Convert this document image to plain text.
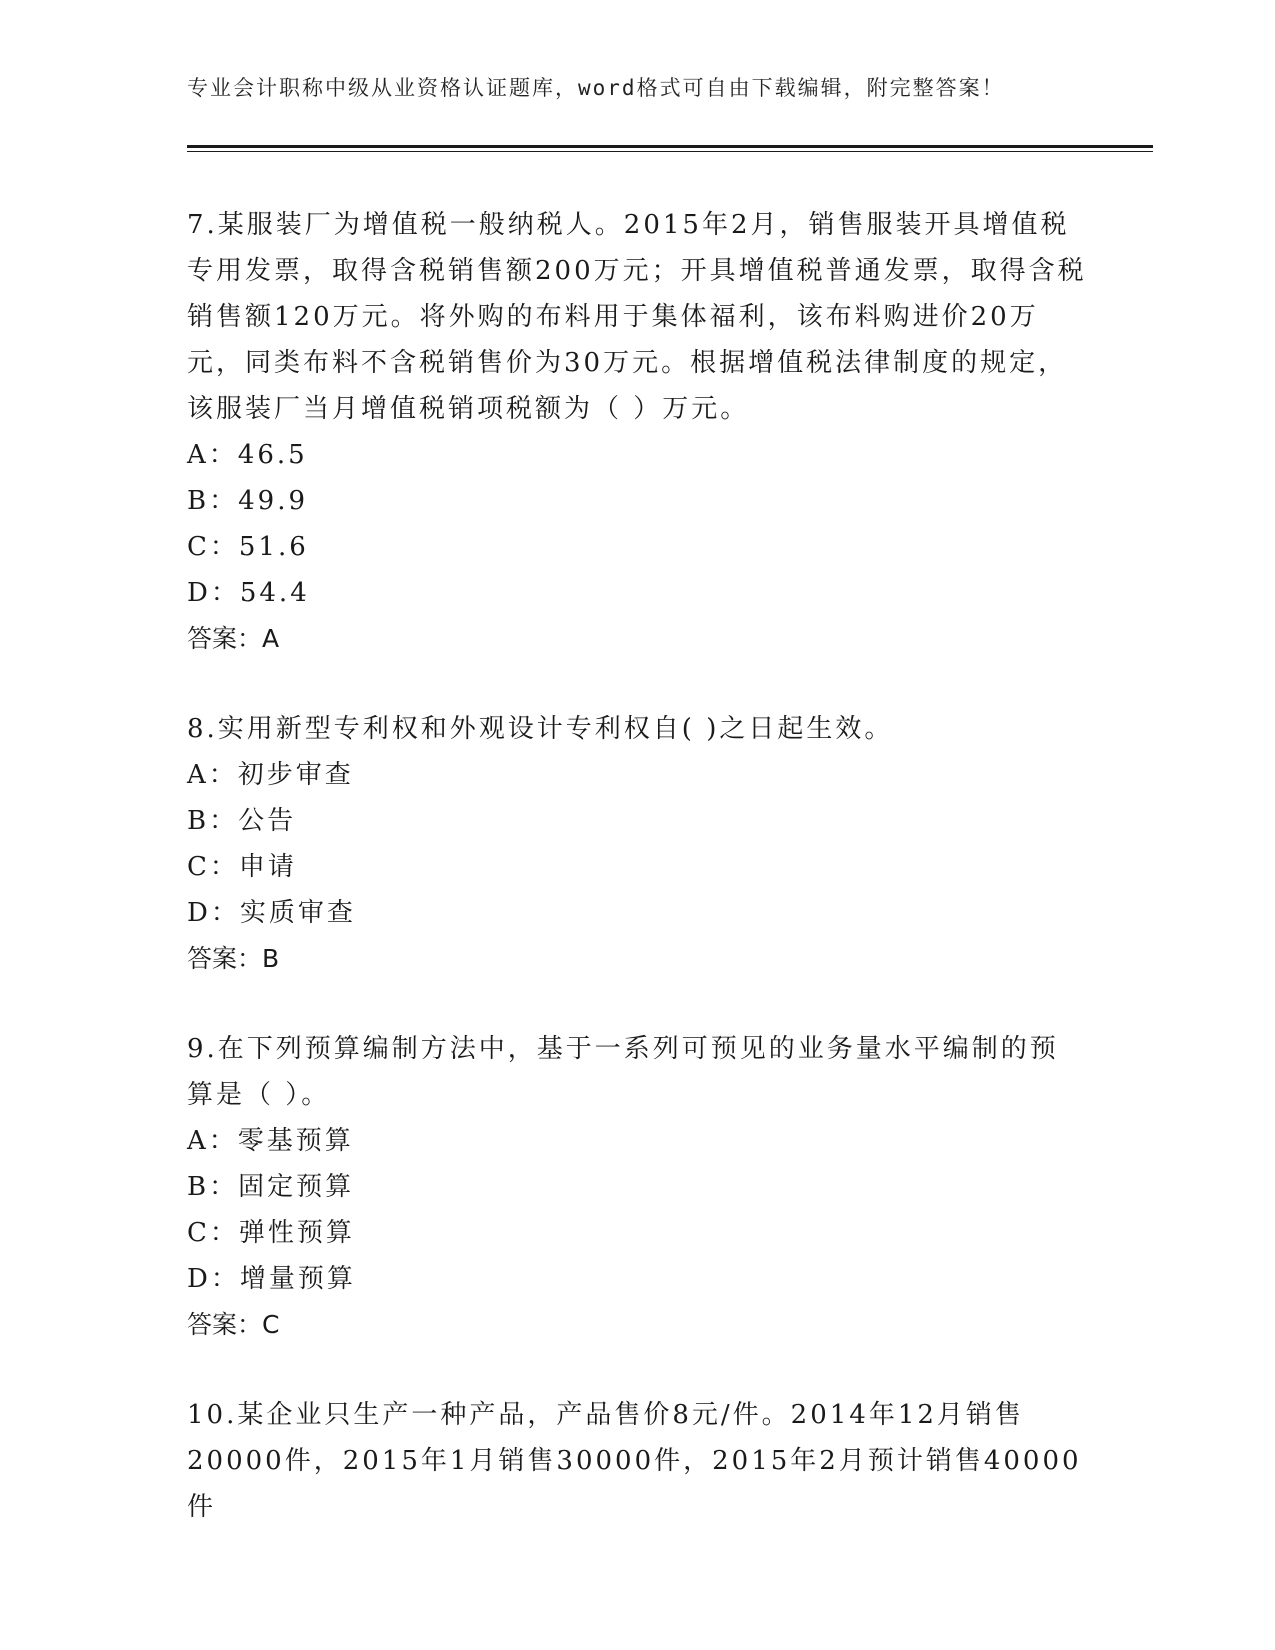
专业会计职称中级从业资格认证题库，word格式可自由下载编辑，附完整答案！

7.某服装厂为增值税一般纳税人。2015年2月，销售服装开具增值税专用发票，取得含税销售额200万元；开具增值税普通发票，取得含税销售额120万元。将外购的布料用于集体福利，该布料购进价20万元，同类布料不含税销售价为30万元。根据增值税法律制度的规定，该服装厂当月增值税销项税额为（ ）万元。

A：46.5

B：49.9

C：51.6

D：54.4

答案：A

8.实用新型专利权和外观设计专利权自( )之日起生效。

A：初步审查

B：公告

C：申请

D：实质审查

答案：B

9.在下列预算编制方法中，基于一系列可预见的业务量水平编制的预算是（ ）。

A：零基预算

B：固定预算

C：弹性预算

D：增量预算

答案：C

10.某企业只生产一种产品，产品售价8元/件。2014年12月销售20000件，2015年1月销售30000件，2015年2月预计销售40000件
